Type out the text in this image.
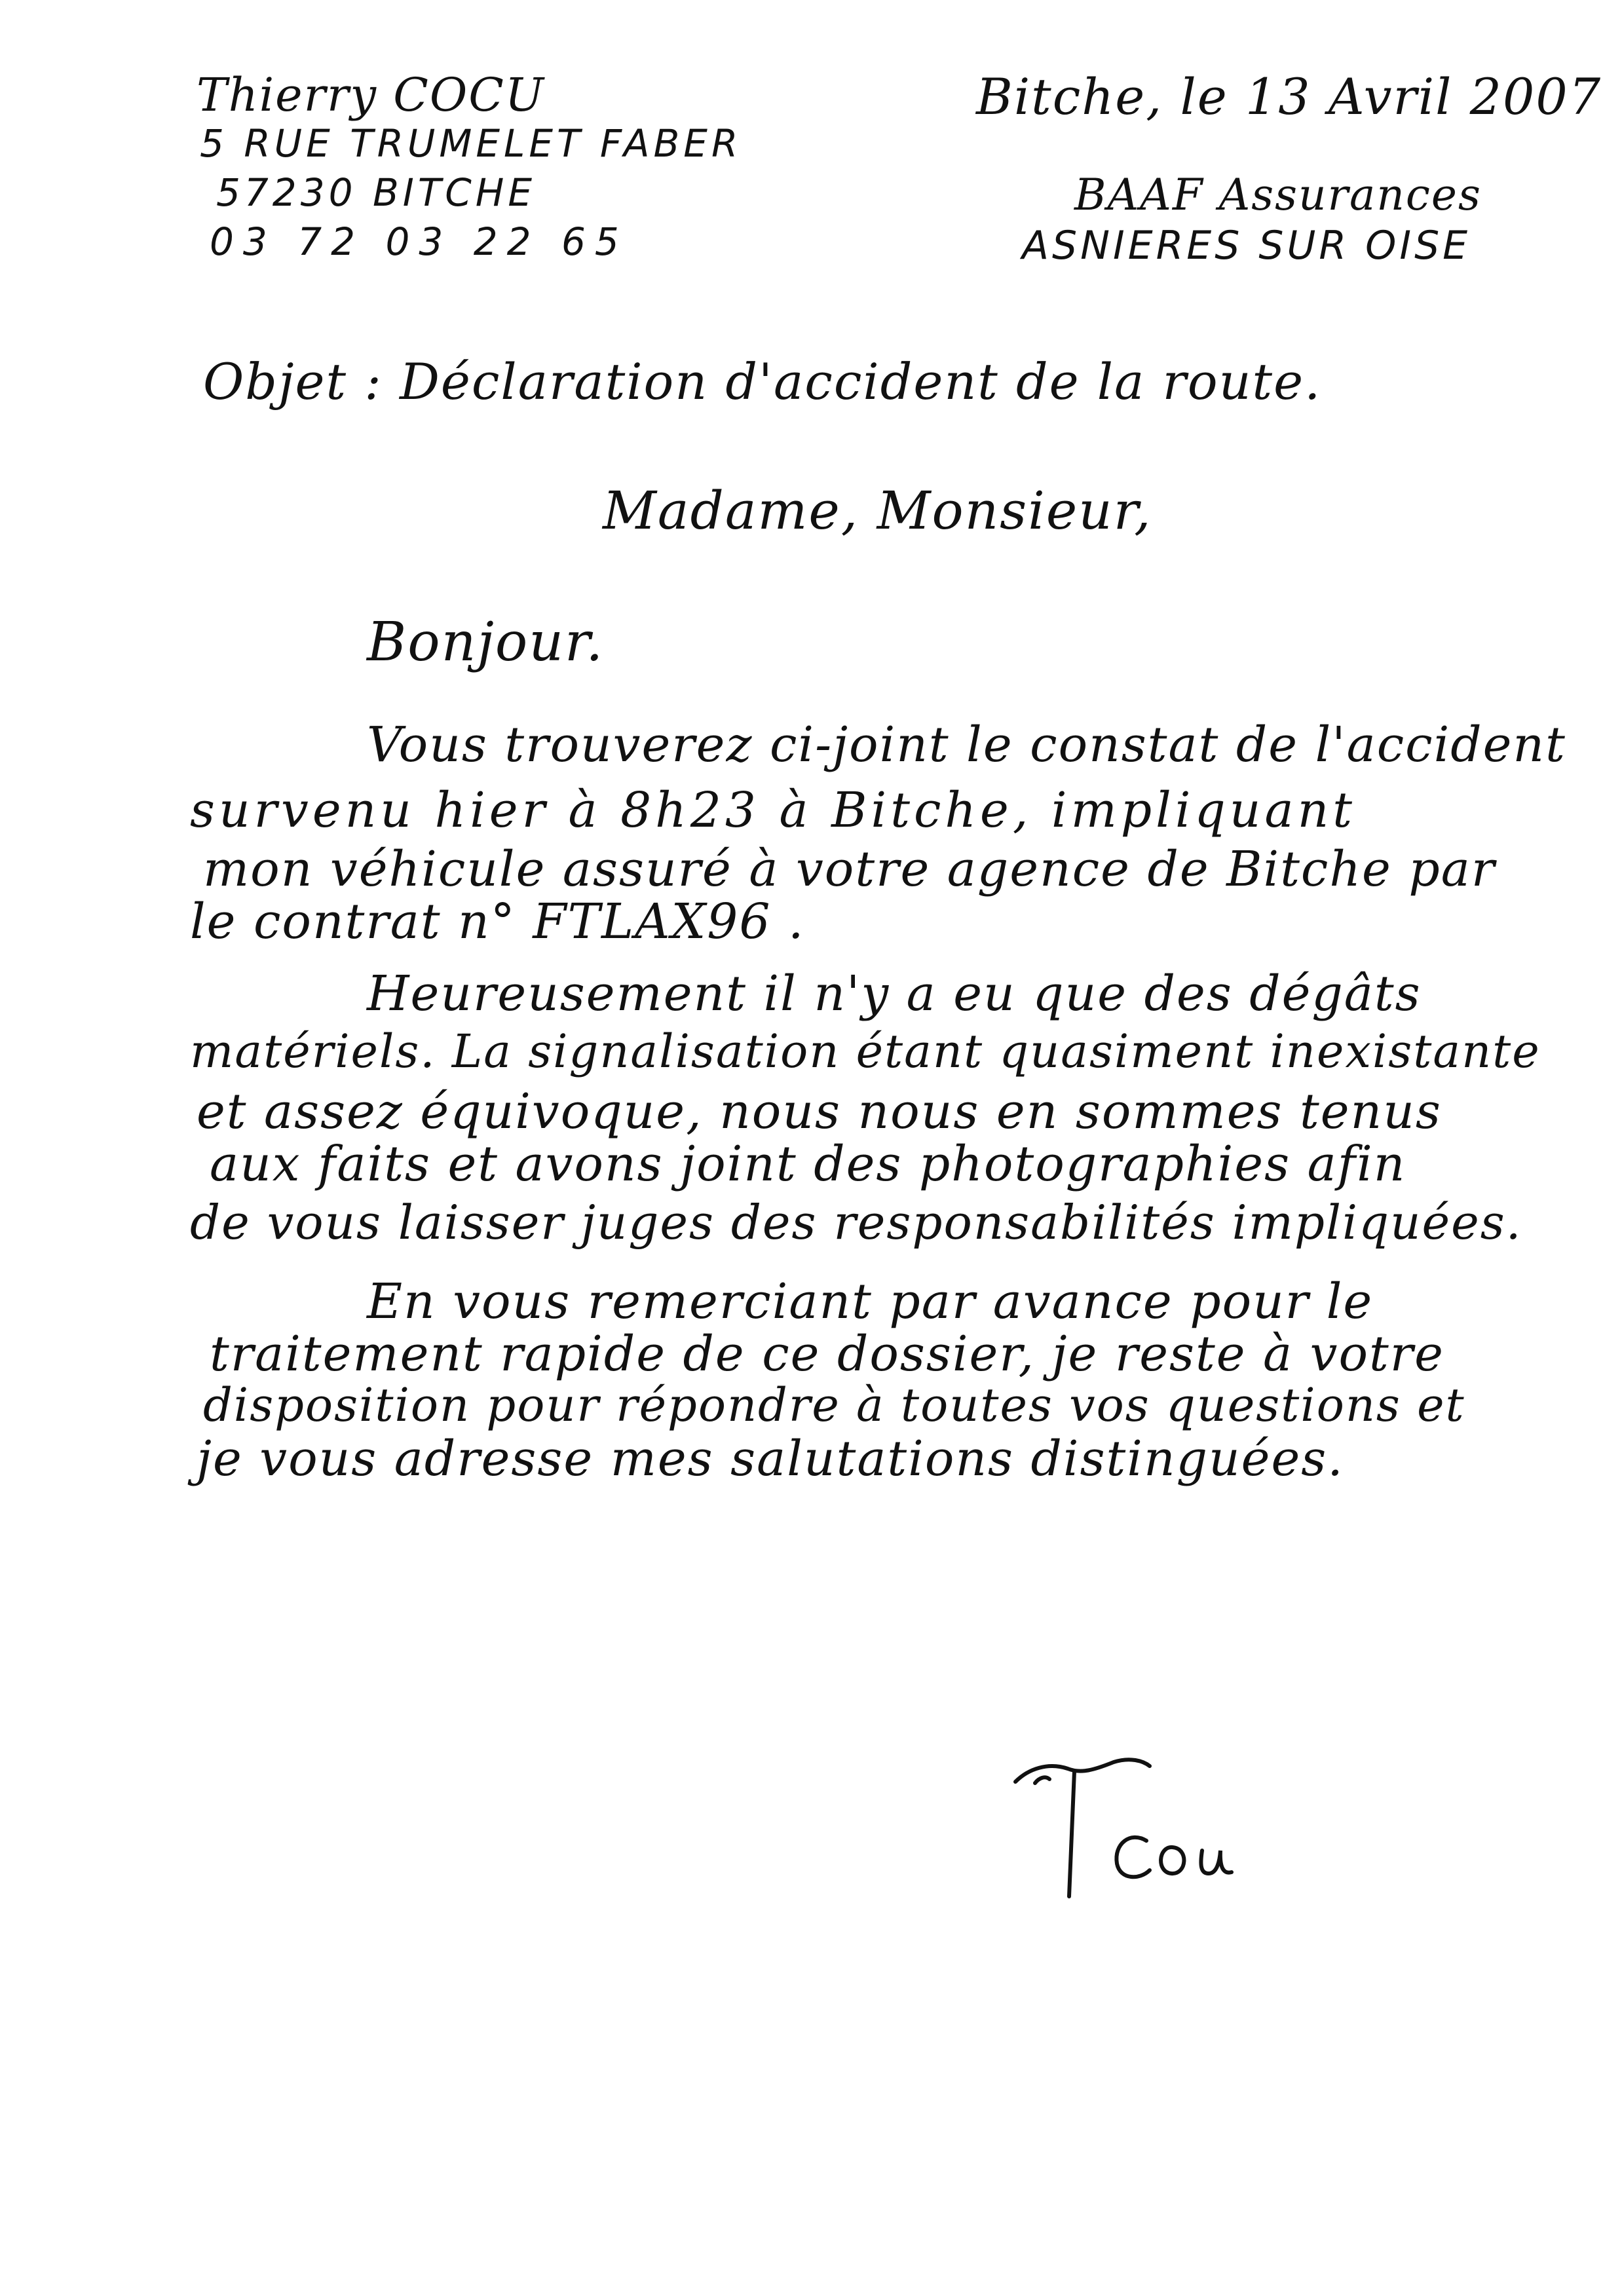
Thierry COCU
5 RUE TRUMELET FABER
57230 BITCHE
03 72 03 22 65
Bitche, le 13 Avril 2007
BAAF Assurances
ASNIERES SUR OISE
Objet : Déclaration d'accident de la route.
Madame, Monsieur,
Bonjour.
Vous trouverez ci-joint le constat de l'accident
survenu hier à 8h23 à Bitche, impliquant
mon véhicule assuré à votre agence de Bitche par
le contrat n° FTLAX96 .
Heureusement il n'y a eu que des dégâts
matériels. La signalisation étant quasiment inexistante
et assez équivoque, nous nous en sommes tenus
aux faits et avons joint des photographies afin
de vous laisser juges des responsabilités impliquées.
En vous remerciant par avance pour le
traitement rapide de ce dossier, je reste à votre
disposition pour répondre à toutes vos questions et
je vous adresse mes salutations distinguées.
